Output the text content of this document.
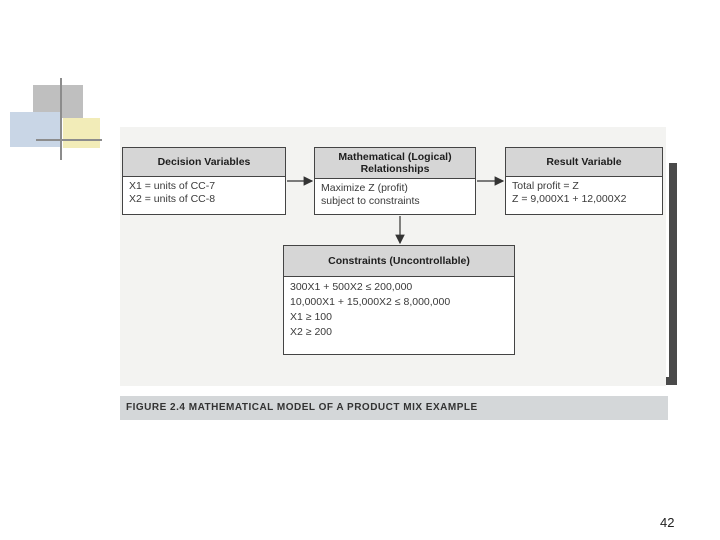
Decision Variables
X1 = units of CC-7
X2 = units of CC-8
Mathematical (Logical)
Relationships
Maximize Z (profit)
subject to constraints
Result Variable
Total profit = Z
Z = 9,000X1 + 12,000X2
Constraints (Uncontrollable)
300X1 + 500X2 ≤ 200,000
10,000X1 + 15,000X2 ≤ 8,000,000
X1 ≥ 100
X2 ≥ 200
FIGURE 2.4 MATHEMATICAL MODEL OF A PRODUCT MIX EXAMPLE
42
